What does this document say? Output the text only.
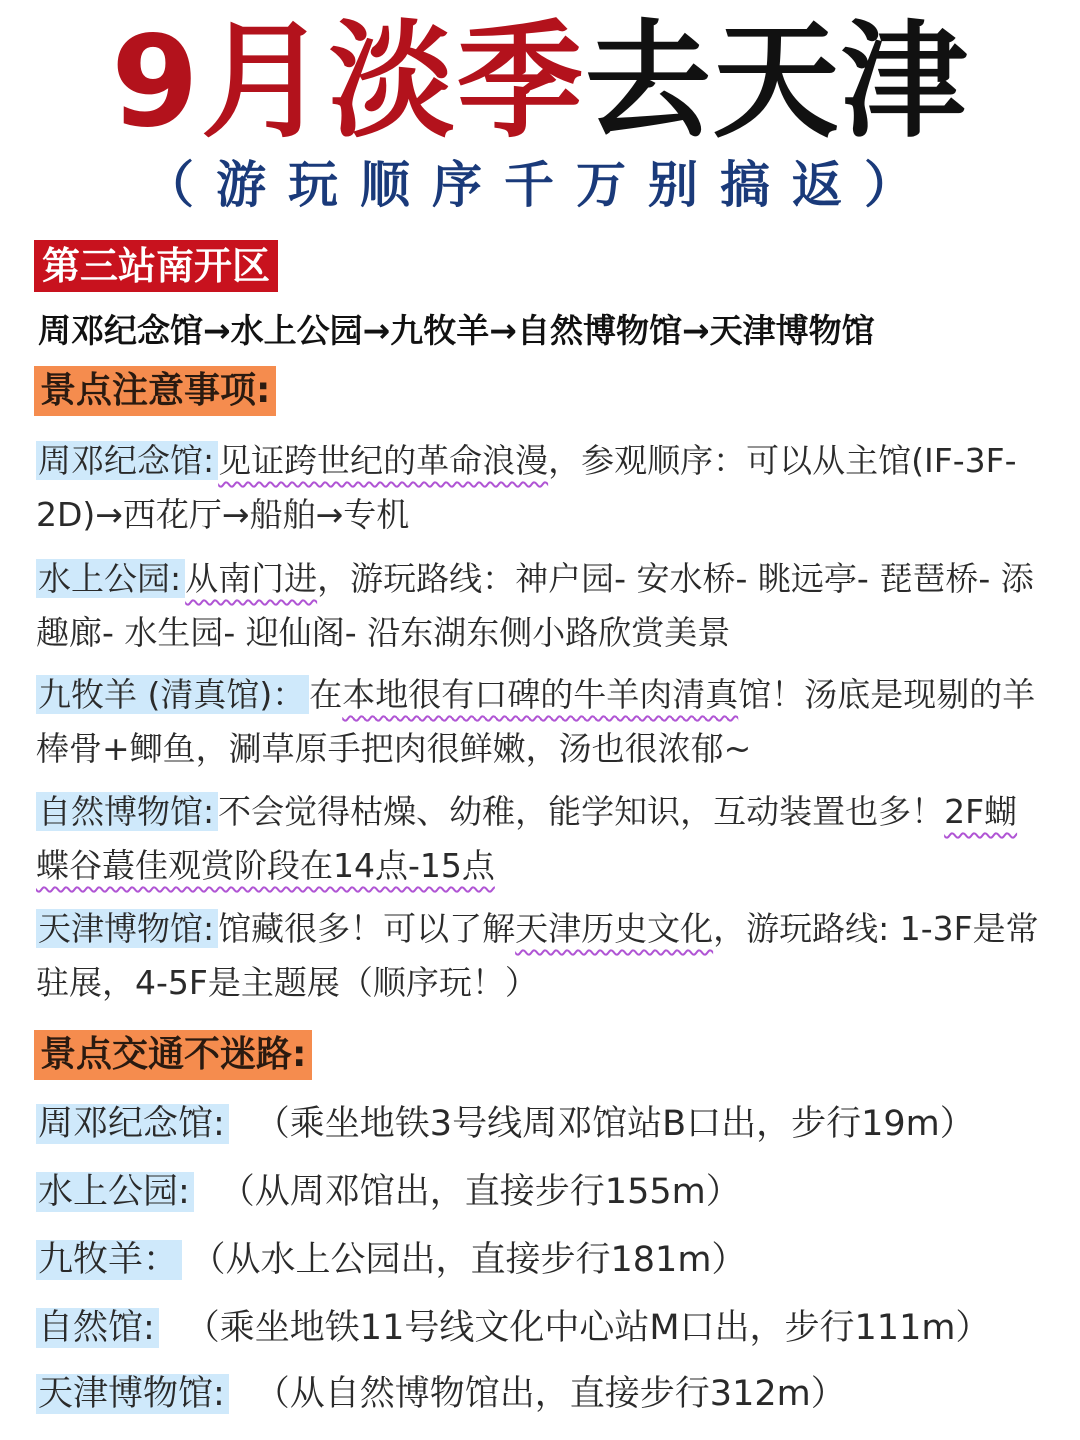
9月淡季去天津
（游玩顺序千万别搞返）
第三站南开区
周邓纪念馆→水上公园→九牧羊→自然博物馆→天津博物馆
景点注意事项:

周邓纪念馆: 见证跨世纪的革命浪漫，参观顺序：可以从主馆(IF-3F-2D)→西花厅→船舶→专机

水上公园: 从南门进，游玩路线：神户园- 安水桥- 眺远亭- 琵琶桥- 添趣廊- 水生园- 迎仙阁- 沿东湖东侧小路欣赏美景

九牧羊 (清真馆)： 在本地很有口碑的牛羊肉清真馆！汤底是现剔的羊棒骨+鲫鱼，涮草原手把肉很鲜嫩，汤也很浓郁~

自然博物馆: 不会觉得枯燥、幼稚，能学知识，互动装置也多！2F蝴蝶谷蕞佳观赏阶段在14点-15点

天津博物馆: 馆藏很多！可以了解天津历史文化，游玩路线: 1-3F是常驻展，4-5F是主题展（顺序玩！）

景点交通不迷路:
周邓纪念馆: （乘坐地铁3号线周邓馆站B口出，步行19m）
水上公园: （从周邓馆出，直接步行155m）
九牧羊： （从水上公园出，直接步行181m）
自然馆: （乘坐地铁11号线文化中心站M口出，步行111m）
天津博物馆: （从自然博物馆出，直接步行312m）
